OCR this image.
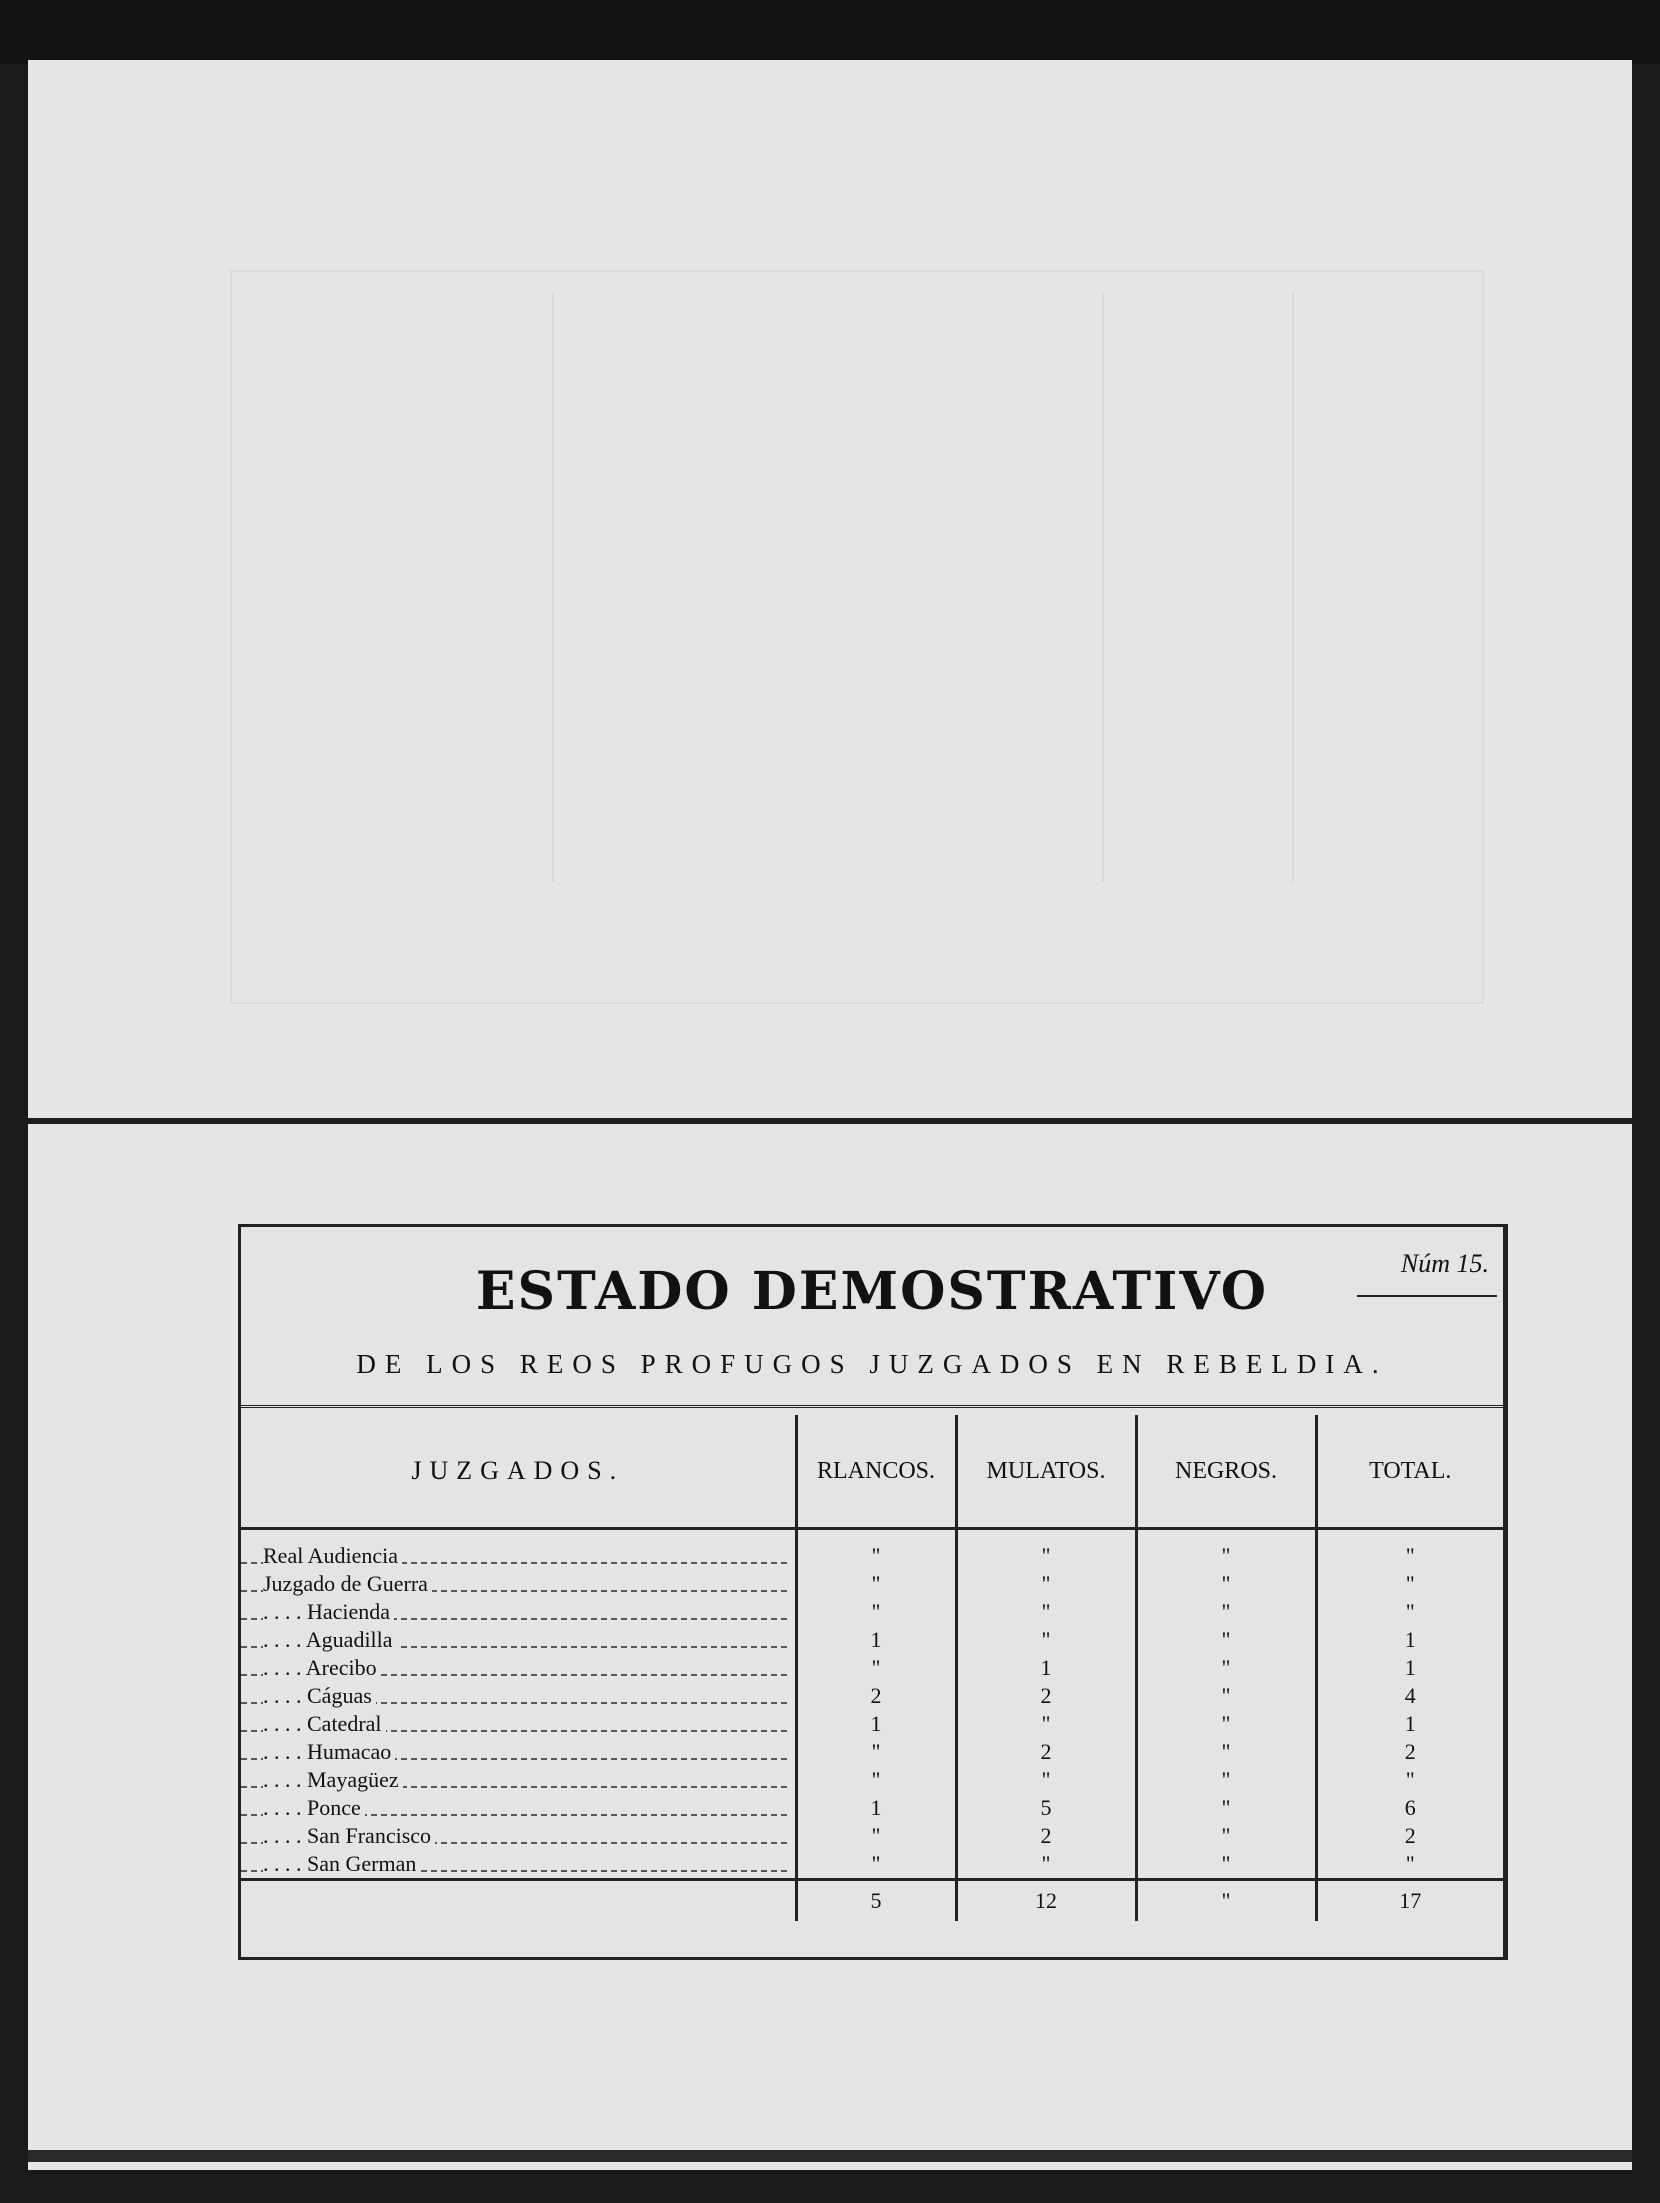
Núm 15.
ESTADO DEMOSTRATIVO
DE LOS REOS PROFUGOS JUZGADOS EN REBELDIA.
JUZGADOS.	RLANCOS.	MULATOS.	NEGROS.	TOTAL.

Real Audiencia	"	"	"	"

Juzgado de Guerra	"	"	"	"

. . . . Hacienda	"	"	"	"

. . . . Aguadilla	1	"	"	1

. . . . Arecibo	"	1	"	1

. . . . Cáguas	2	2	"	4

. . . . Catedral	1	"	"	1

. . . . Humacao	"	2	"	2

. . . . Mayagüez	"	"	"	"

. . . . Ponce	1	5	"	6

. . . . San Francisco	"	2	"	2

. . . . San German	"	"	"	"
	5	12	"	17
